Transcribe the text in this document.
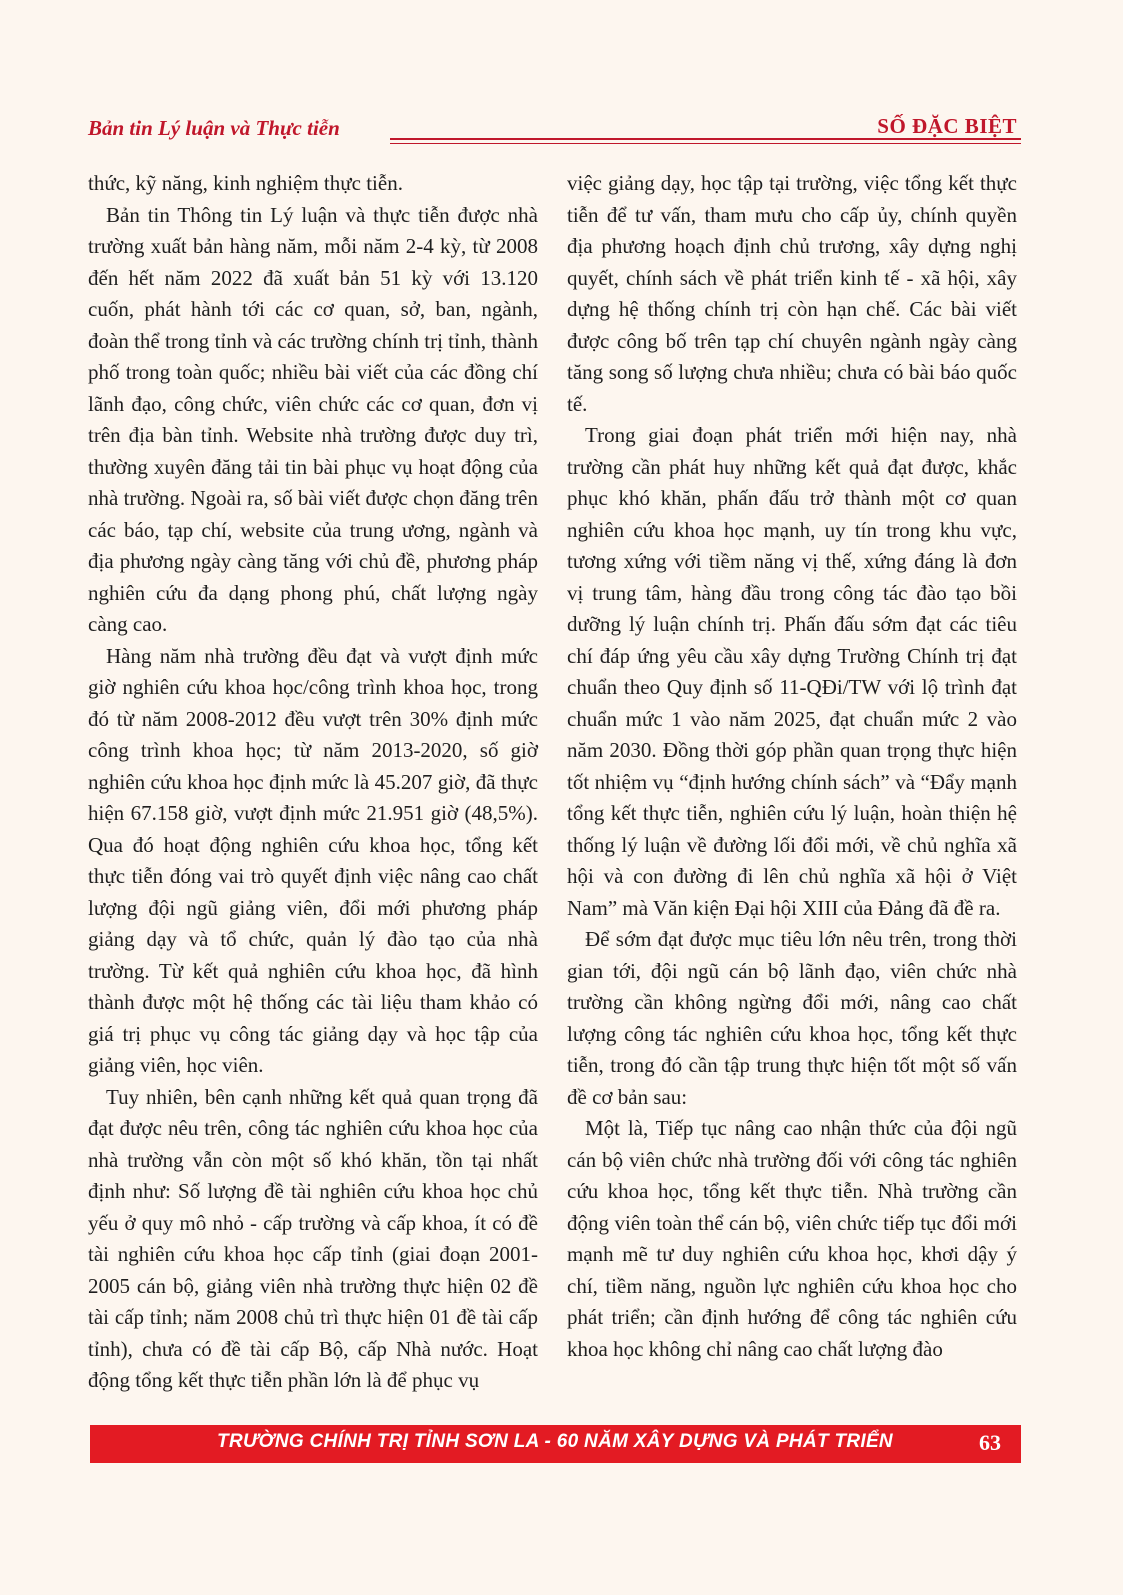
Bản tin Lý luận và Thực tiễn	SỐ ĐẶC BIỆT

thức, kỹ năng, kinh nghiệm thực tiễn.

Bản tin Thông tin Lý luận và thực tiễn được nhà trường xuất bản hàng năm, mỗi năm 2-4 kỳ, từ 2008 đến hết năm 2022 đã xuất bản 51 kỳ với 13.120 cuốn, phát hành tới các cơ quan, sở, ban, ngành, đoàn thể trong tỉnh và các trường chính trị tỉnh, thành phố trong toàn quốc; nhiều bài viết của các đồng chí lãnh đạo, công chức, viên chức các cơ quan, đơn vị trên địa bàn tỉnh. Website nhà trường được duy trì, thường xuyên đăng tải tin bài phục vụ hoạt động của nhà trường. Ngoài ra, số bài viết được chọn đăng trên các báo, tạp chí, website của trung ương, ngành và địa phương ngày càng tăng với chủ đề, phương pháp nghiên cứu đa dạng phong phú, chất lượng ngày càng cao.

Hàng năm nhà trường đều đạt và vượt định mức giờ nghiên cứu khoa học/công trình khoa học, trong đó từ năm 2008-2012 đều vượt trên 30% định mức công trình khoa học; từ năm 2013-2020, số giờ nghiên cứu khoa học định mức là 45.207 giờ, đã thực hiện 67.158 giờ, vượt định mức 21.951 giờ (48,5%). Qua đó hoạt động nghiên cứu khoa học, tổng kết thực tiễn đóng vai trò quyết định việc nâng cao chất lượng đội ngũ giảng viên, đổi mới phương pháp giảng dạy và tổ chức, quản lý đào tạo của nhà trường. Từ kết quả nghiên cứu khoa học, đã hình thành được một hệ thống các tài liệu tham khảo có giá trị phục vụ công tác giảng dạy và học tập của giảng viên, học viên.

Tuy nhiên, bên cạnh những kết quả quan trọng đã đạt được nêu trên, công tác nghiên cứu khoa học của nhà trường vẫn còn một số khó khăn, tồn tại nhất định như: Số lượng đề tài nghiên cứu khoa học chủ yếu ở quy mô nhỏ - cấp trường và cấp khoa, ít có đề tài nghiên cứu khoa học cấp tỉnh (giai đoạn 2001-2005 cán bộ, giảng viên nhà trường thực hiện 02 đề tài cấp tỉnh; năm 2008 chủ trì thực hiện 01 đề tài cấp tỉnh), chưa có đề tài cấp Bộ, cấp Nhà nước. Hoạt động tổng kết thực tiễn phần lớn là để phục vụ

việc giảng dạy, học tập tại trường, việc tổng kết thực tiễn để tư vấn, tham mưu cho cấp ủy, chính quyền địa phương hoạch định chủ trương, xây dựng nghị quyết, chính sách về phát triển kinh tế - xã hội, xây dựng hệ thống chính trị còn hạn chế. Các bài viết được công bố trên tạp chí chuyên ngành ngày càng tăng song số lượng chưa nhiều; chưa có bài báo quốc tế.

Trong giai đoạn phát triển mới hiện nay, nhà trường cần phát huy những kết quả đạt được, khắc phục khó khăn, phấn đấu trở thành một cơ quan nghiên cứu khoa học mạnh, uy tín trong khu vực, tương xứng với tiềm năng vị thế, xứng đáng là đơn vị trung tâm, hàng đầu trong công tác đào tạo bồi dưỡng lý luận chính trị. Phấn đấu sớm đạt các tiêu chí đáp ứng yêu cầu xây dựng Trường Chính trị đạt chuẩn theo Quy định số 11-QĐi/TW với lộ trình đạt chuẩn mức 1 vào năm 2025, đạt chuẩn mức 2 vào năm 2030. Đồng thời góp phần quan trọng thực hiện tốt nhiệm vụ “định hướng chính sách” và “Đẩy mạnh tổng kết thực tiễn, nghiên cứu lý luận, hoàn thiện hệ thống lý luận về đường lối đổi mới, về chủ nghĩa xã hội và con đường đi lên chủ nghĩa xã hội ở Việt Nam” mà Văn kiện Đại hội XIII của Đảng đã đề ra.

Để sớm đạt được mục tiêu lớn nêu trên, trong thời gian tới, đội ngũ cán bộ lãnh đạo, viên chức nhà trường cần không ngừng đổi mới, nâng cao chất lượng công tác nghiên cứu khoa học, tổng kết thực tiễn, trong đó cần tập trung thực hiện tốt một số vấn đề cơ bản sau:

Một là, Tiếp tục nâng cao nhận thức của đội ngũ cán bộ viên chức nhà trường đối với công tác nghiên cứu khoa học, tổng kết thực tiễn. Nhà trường cần động viên toàn thể cán bộ, viên chức tiếp tục đổi mới mạnh mẽ tư duy nghiên cứu khoa học, khơi dậy ý chí, tiềm năng, nguồn lực nghiên cứu khoa học cho phát triển; cần định hướng để công tác nghiên cứu khoa học không chỉ nâng cao chất lượng đào

TRƯỜNG CHÍNH TRỊ TỈNH SƠN LA - 60 NĂM XÂY DỰNG VÀ PHÁT TRIỂN	63
